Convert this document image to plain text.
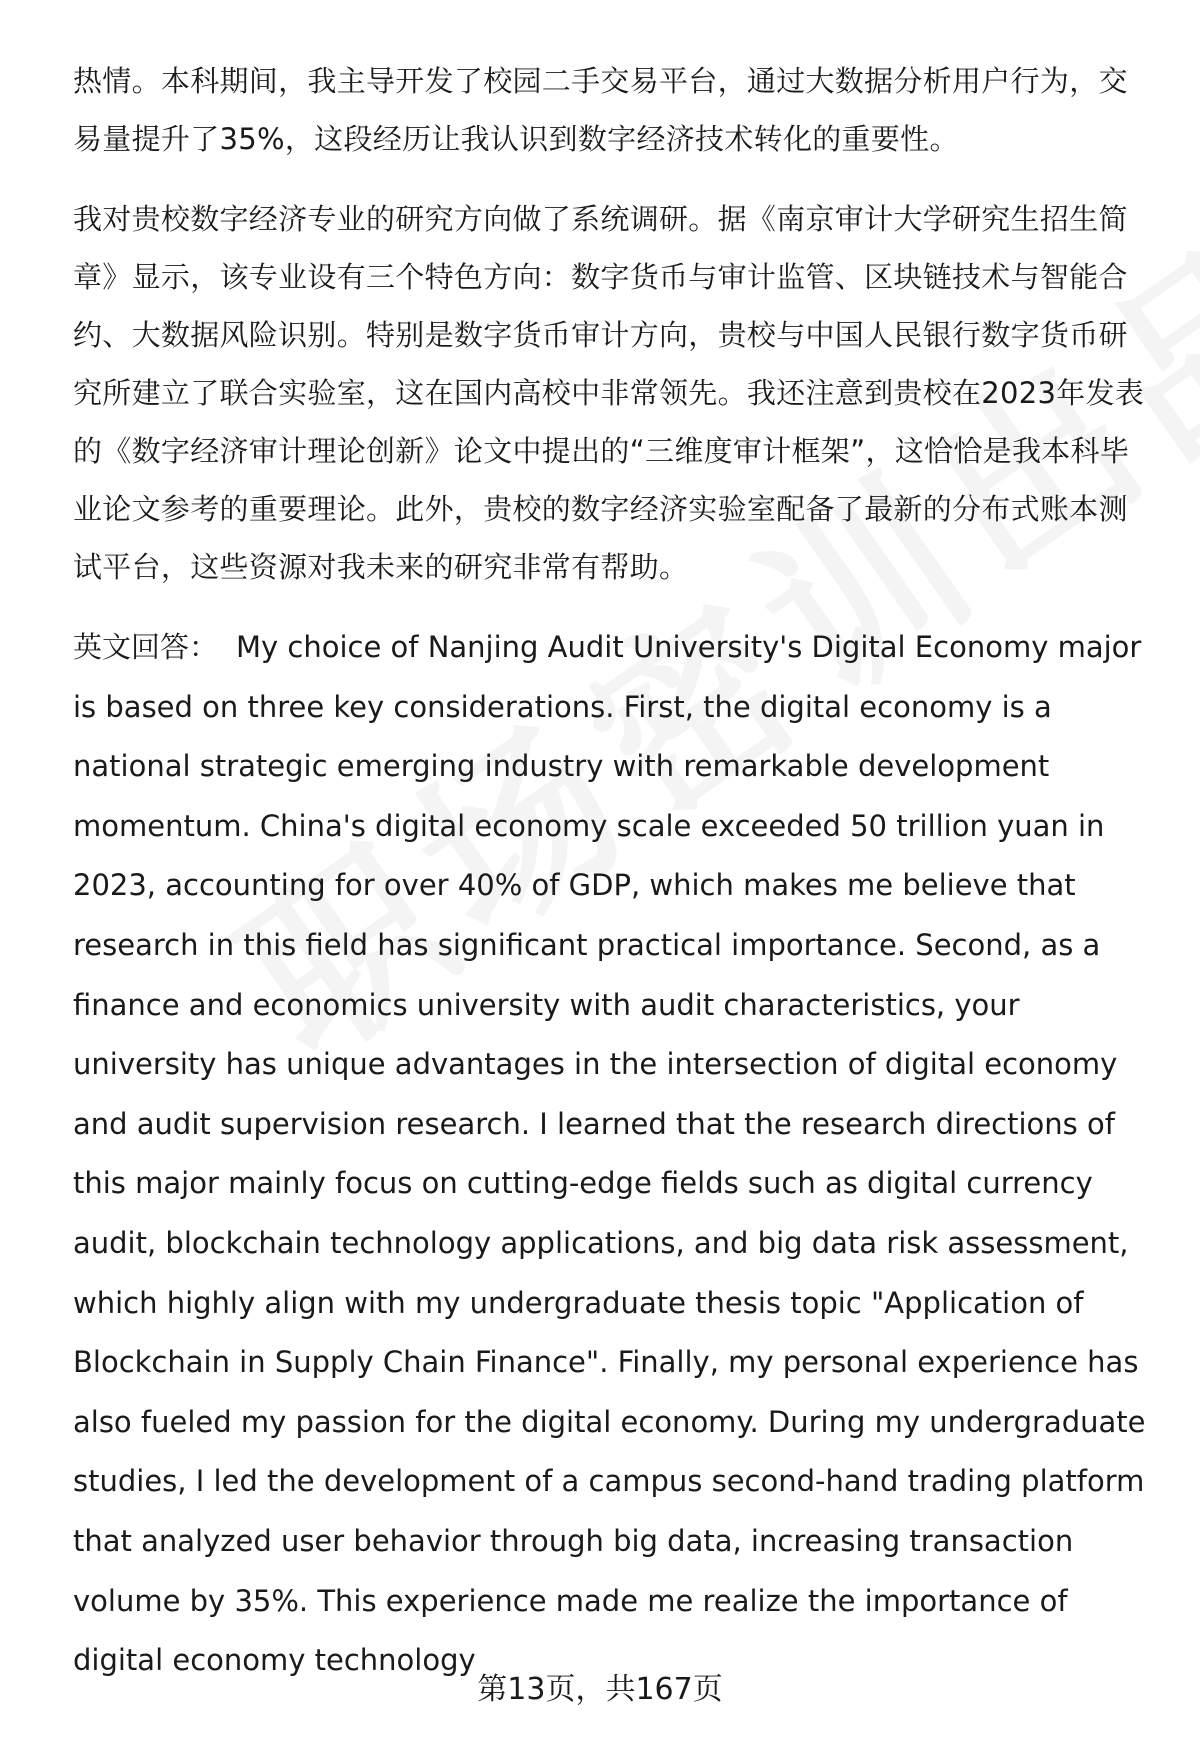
热情。本科期间，我主导开发了校园二手交易平台，通过大数据分析用户行为，交易量提升了35%，这段经历让我认识到数字经济技术转化的重要性。

我对贵校数字经济专业的研究方向做了系统调研。据《南京审计大学研究生招生简章》显示，该专业设有三个特色方向：数字货币与审计监管、区块链技术与智能合约、大数据风险识别。特别是数字货币审计方向，贵校与中国人民银行数字货币研究所建立了联合实验室，这在国内高校中非常领先。我还注意到贵校在2023年发表的《数字经济审计理论创新》论文中提出的“三维度审计框架”，这恰恰是我本科毕业论文参考的重要理论。此外，贵校的数字经济实验室配备了最新的分布式账本测试平台，这些资源对我未来的研究非常有帮助。

英文回答： My choice of Nanjing Audit University's Digital Economy major is based on three key considerations. First, the digital economy is a national strategic emerging industry with remarkable development momentum. China's digital economy scale exceeded 50 trillion yuan in 2023, accounting for over 40% of GDP, which makes me believe that research in this field has significant practical importance. Second, as a finance and economics university with audit characteristics, your university has unique advantages in the intersection of digital economy and audit supervision research. I learned that the research directions of this major mainly focus on cutting-edge fields such as digital currency audit, blockchain technology applications, and big data risk assessment, which highly align with my undergraduate thesis topic "Application of Blockchain in Supply Chain Finance". Finally, my personal experience has also fueled my passion for the digital economy. During my undergraduate studies, I led the development of a campus second-hand trading platform that analyzed user behavior through big data, increasing transaction volume by 35%. This experience made me realize the importance of digital economy technology

第13页，共167页
